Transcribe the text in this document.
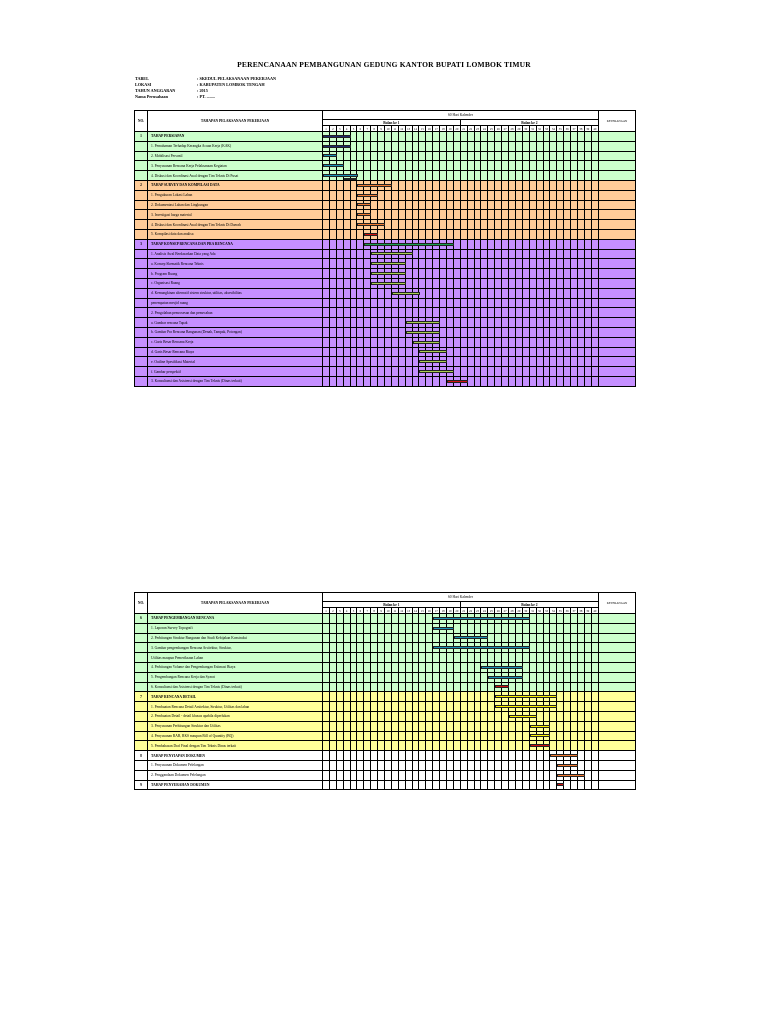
PERENCANAAN PEMBANGUNAN GEDUNG KANTOR BUPATI LOMBOK TIMUR
TABEL	: SKEDUL PELAKSANAAN PEKERJAAN
LOKASI	: KABUPATEN LOMBOK TENGAH
TAHUN ANGGARAN	: 2015
Nama Perusahaan	: PT. ........
NO.	TAHAPAN PELAKSANAAN PEKERJAAN	60 Hari Kalender																																								KETERANGAN
		Bulan ke 1																				Bulan ke 2																				
		1	2	3	4	5	6	7	8	9	10	11	12	13	14	15	16	17	18	19	20	21	22	23	24	25	26	27	28	29	30	31	32	33	34	35	36	37	38	39	40	
1	TAHAP PERSIAPAN	

	1. Pemahaman Terhadap Kerangka Acuan Kerja (KAK)	

	2. Mobilisasi Personil	

	3. Penyusunan Rencana Kerja Pelaksanaan Kegiatan	

	4. Diskusi dan Koordinasi Awal dengan Tim Teknis Di Pusat	

2	TAHAP SURVEY DAN KOMPILASI DATA						

	1. Pengukuran Lokasi Lahan						

	2. Dokumentasi Lahan dan Lingkungan						

	3. Investigasi harga material						

	4. Diskusi dan Koordinasi Awal dengan Tim Teknis Di Daerah						

	5. Kompilasi data dan analisa							

3	TAHAP KONSEP RENCANA DAN PRA RENCANA							

	1. Analisis Awal Berdasarkan Data yang Ada								

	a. Konsep Skematik Rencana Teknis								

	b. Program Ruang								

	c. Organisasi Ruang								

	d. Kemungkinan alternatif sistem struktur, utilitas, aksesibilitas											

	penempatan mesjid ruang																																									
	2. Pengolahan pemrosesan dan pemecahan																																									
	a. Gambar rencana Tapak													

	b. Gambar Pra Rencana Bangunan (Denah, Tampak, Potongan)													

	c. Garis Besar Rencana Kerja														

	d. Garis Besar Rencana Biaya															

	e. Outline Spesifikasi Material															

	f. Gambar perspektif															

	3. Konsultansi dan Asistensi dengan Tim Teknis (Dinas terkait)																			

NO.	TAHAPAN PELAKSANAAN PEKERJAAN	60 Hari Kalender																																								KETERANGAN
		Bulan ke 1																				Bulan ke 2																				
		1	2	3	4	5	6	7	8	9	10	11	12	13	14	15	16	17	18	19	20	21	22	23	24	25	26	27	28	29	30	31	32	33	34	35	36	37	38	39	40	
6	TAHAP PENGEMBANGAN RENCANA																	

	1. Laporan Survey Topografi																	

	2. Perhitungan Struktur Bangunan dan Studi Kebijakan Konstruksi																				

	3. Gambar pengembangan Rencana Arsitektur, Struktur,																	

	Utilitas maupun Pemeriksaan Lahan																																									
	4. Perhitungan Volume dan Pengembangan Estimasi Biaya																								

	5. Pengembangan Rencana Kerja dan Syarat																									

	6. Konsultansi dan Asistensi dengan Tim Teknis (Dinas terkait)																										

7	TAHAP RENCANA DETAIL																										

	1. Pembuatan Rencana Detail Arsitektur, Struktur, Utilitas dan lahan																										

	2. Pembuatan Detail - detail khusus apabila diperlukan																												

	3. Penyusunan Perhitungan Struktur dan Utilitas																															

	4. Penyusunan RAB, RKS maupun Bill of Quantity (BQ)																															

	5. Pembahasan Draf Final dengan Tim Teknis Dinas terkait																															

8	TAHAP PENYIAPAN DOKUMEN																																		

	1. Penyusunan Dokumen Pelelangan																																			

	2. Penggandaan Dokumen Pelelangan																																			

9	TAHAP PENYERAHAN DOKUMEN																																			
